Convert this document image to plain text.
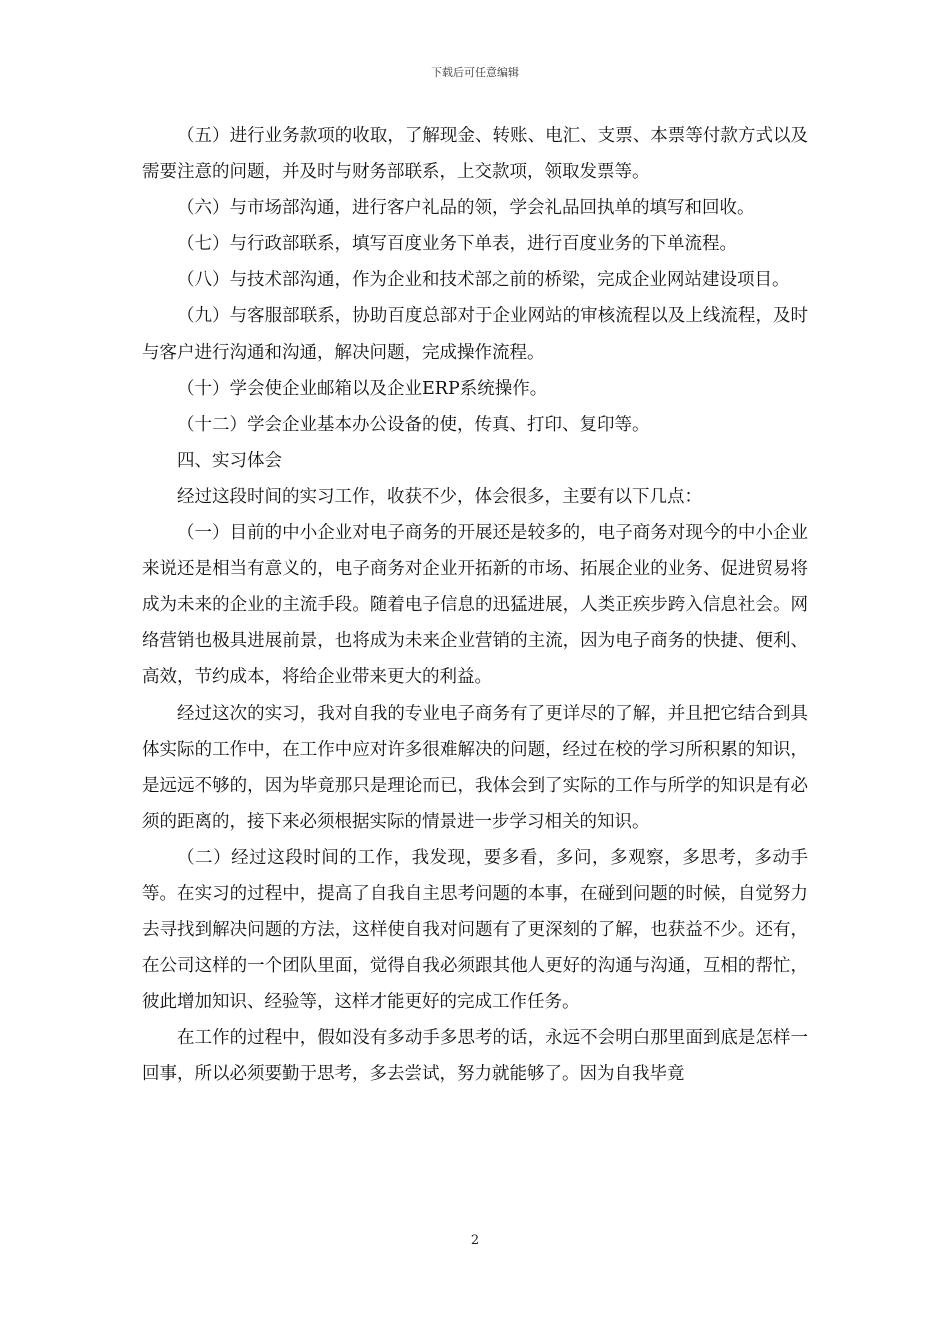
下载后可任意编辑

（五）进行业务款项的收取，了解现金、转账、电汇、支票、本票等付款方式以及需要注意的问题，并及时与财务部联系，上交款项，领取发票等。

（六）与市场部沟通，进行客户礼品的领，学会礼品回执单的填写和回收。

（七）与行政部联系，填写百度业务下单表，进行百度业务的下单流程。

（八）与技术部沟通，作为企业和技术部之前的桥梁，完成企业网站建设项目。

（九）与客服部联系，协助百度总部对于企业网站的审核流程以及上线流程，及时与客户进行沟通和沟通，解决问题，完成操作流程。

（十）学会使企业邮箱以及企业ERP系统操作。

（十二）学会企业基本办公设备的使，传真、打印、复印等。

四、实习体会

经过这段时间的实习工作，收获不少，体会很多，主要有以下几点：

（一）目前的中小企业对电子商务的开展还是较多的，电子商务对现今的中小企业来说还是相当有意义的，电子商务对企业开拓新的市场、拓展企业的业务、促进贸易将成为未来的企业的主流手段。随着电子信息的迅猛进展，人类正疾步跨入信息社会。网络营销也极具进展前景，也将成为未来企业营销的主流，因为电子商务的快捷、便利、高效，节约成本，将给企业带来更大的利益。

经过这次的实习，我对自我的专业电子商务有了更详尽的了解，并且把它结合到具体实际的工作中，在工作中应对许多很难解决的问题，经过在校的学习所积累的知识，是远远不够的，因为毕竟那只是理论而已，我体会到了实际的工作与所学的知识是有必须的距离的，接下来必须根据实际的情景进一步学习相关的知识。

（二）经过这段时间的工作，我发现，要多看，多问，多观察，多思考，多动手等。在实习的过程中，提高了自我自主思考问题的本事，在碰到问题的时候，自觉努力去寻找到解决问题的方法，这样使自我对问题有了更深刻的了解，也获益不少。还有，在公司这样的一个团队里面，觉得自我必须跟其他人更好的沟通与沟通，互相的帮忙，彼此增加知识、经验等，这样才能更好的完成工作任务。

在工作的过程中，假如没有多动手多思考的话，永远不会明白那里面到底是怎样一回事，所以必须要勤于思考，多去尝试，努力就能够了。因为自我毕竟

2
